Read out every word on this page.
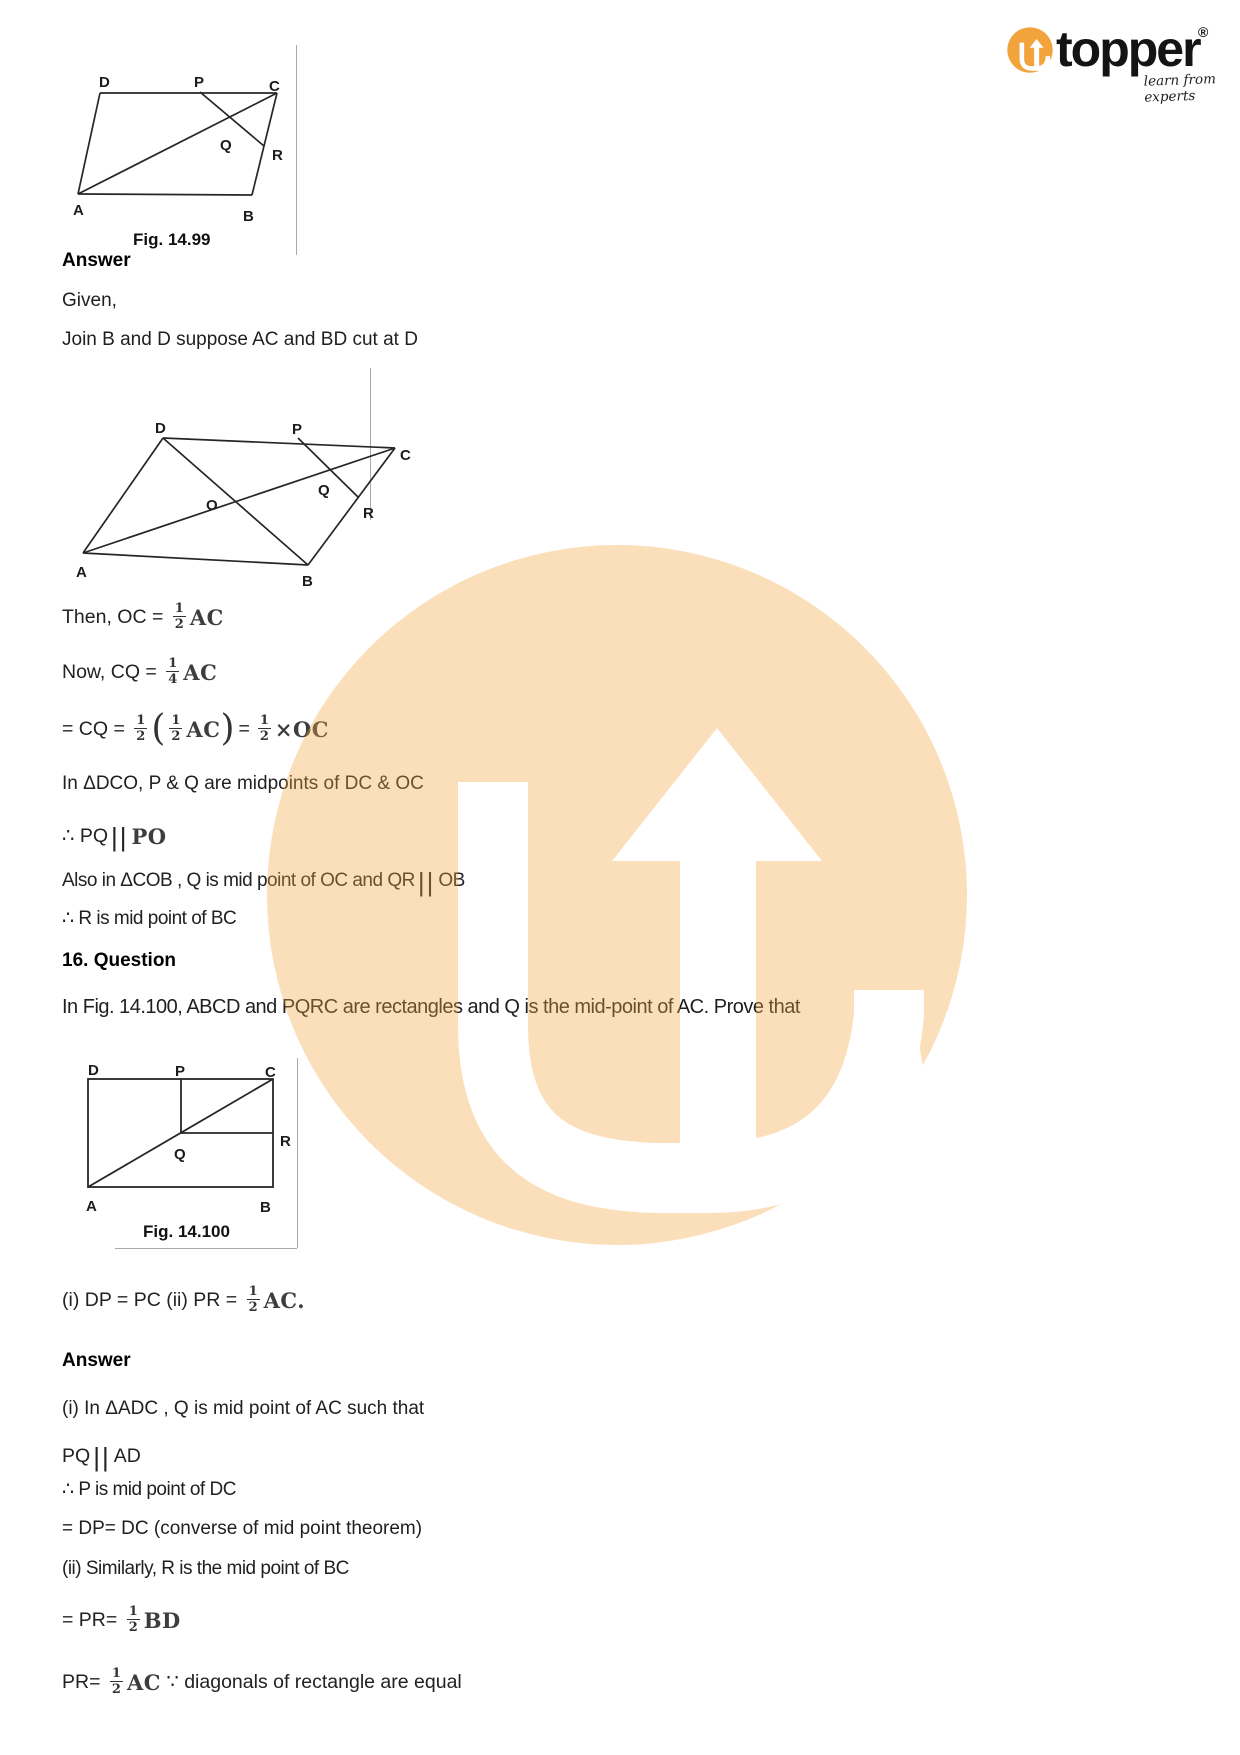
topper
®
learn from experts
D	P	C
Q
R
A	B
Fig. 14.99
Answer
Given,
Join B and D suppose AC and BD cut at D
D	P
C
O
Q
R
A
B
Then, OC = $\frac{1}{2}$ AC
Now, CQ = $\frac{1}{4}$ AC
= CQ = $\frac{1}{2}$ ( $\frac{1}{2}$ AC ) = $\frac{1}{2} \times OC$
In ΔDCO, P & Q are midpoints of DC & OC
∴ PQ || PO
Also in ΔCOB , Q is mid point of OC and QR || OB
∴ R is mid point of BC
16. Question
In Fig. 14.100, ABCD and PQRC are rectangles and Q is the mid-point of AC. Prove that
D	P	C
Q
R
A	B
Fig. 14.100
(i) DP = PC (ii) PR = $\frac{1}{2}$ AC.
Answer
(i) In ΔADC , Q is mid point of AC such that
PQ || AD
∴ P is mid point of DC
= DP= DC (converse of mid point theorem)
(ii) Similarly, R is the mid point of BC
= $PR= \frac{1}{2}$ BD
$PR= \frac{1}{2}$ AC ∵ diagonals of rectangle are equal
